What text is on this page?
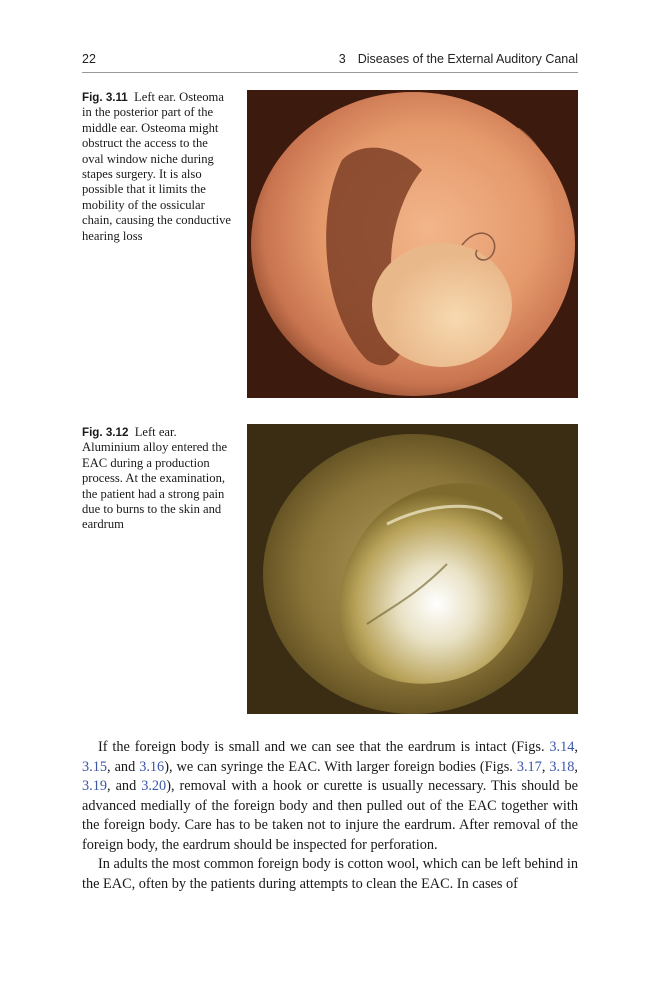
22	3 Diseases of the External Auditory Canal
Fig. 3.11 Left ear. Osteoma in the posterior part of the middle ear. Osteoma might obstruct the access to the oval window niche during stapes surgery. It is also possible that it limits the mobility of the ossicular chain, causing the conductive hearing loss
Fig. 3.12 Left ear. Aluminium alloy entered the EAC during a production process. At the examination, the patient had a strong pain due to burns to the skin and eardrum

If the foreign body is small and we can see that the eardrum is intact (Figs. 3.14, 3.15, and 3.16), we can syringe the EAC. With larger foreign bodies (Figs. 3.17, 3.18, 3.19, and 3.20), removal with a hook or curette is usually necessary. This should be advanced medially of the foreign body and then pulled out of the EAC together with the foreign body. Care has to be taken not to injure the eardrum. After removal of the foreign body, the eardrum should be inspected for perforation.

In adults the most common foreign body is cotton wool, which can be left behind in the EAC, often by the patients during attempts to clean the EAC. In cases of
